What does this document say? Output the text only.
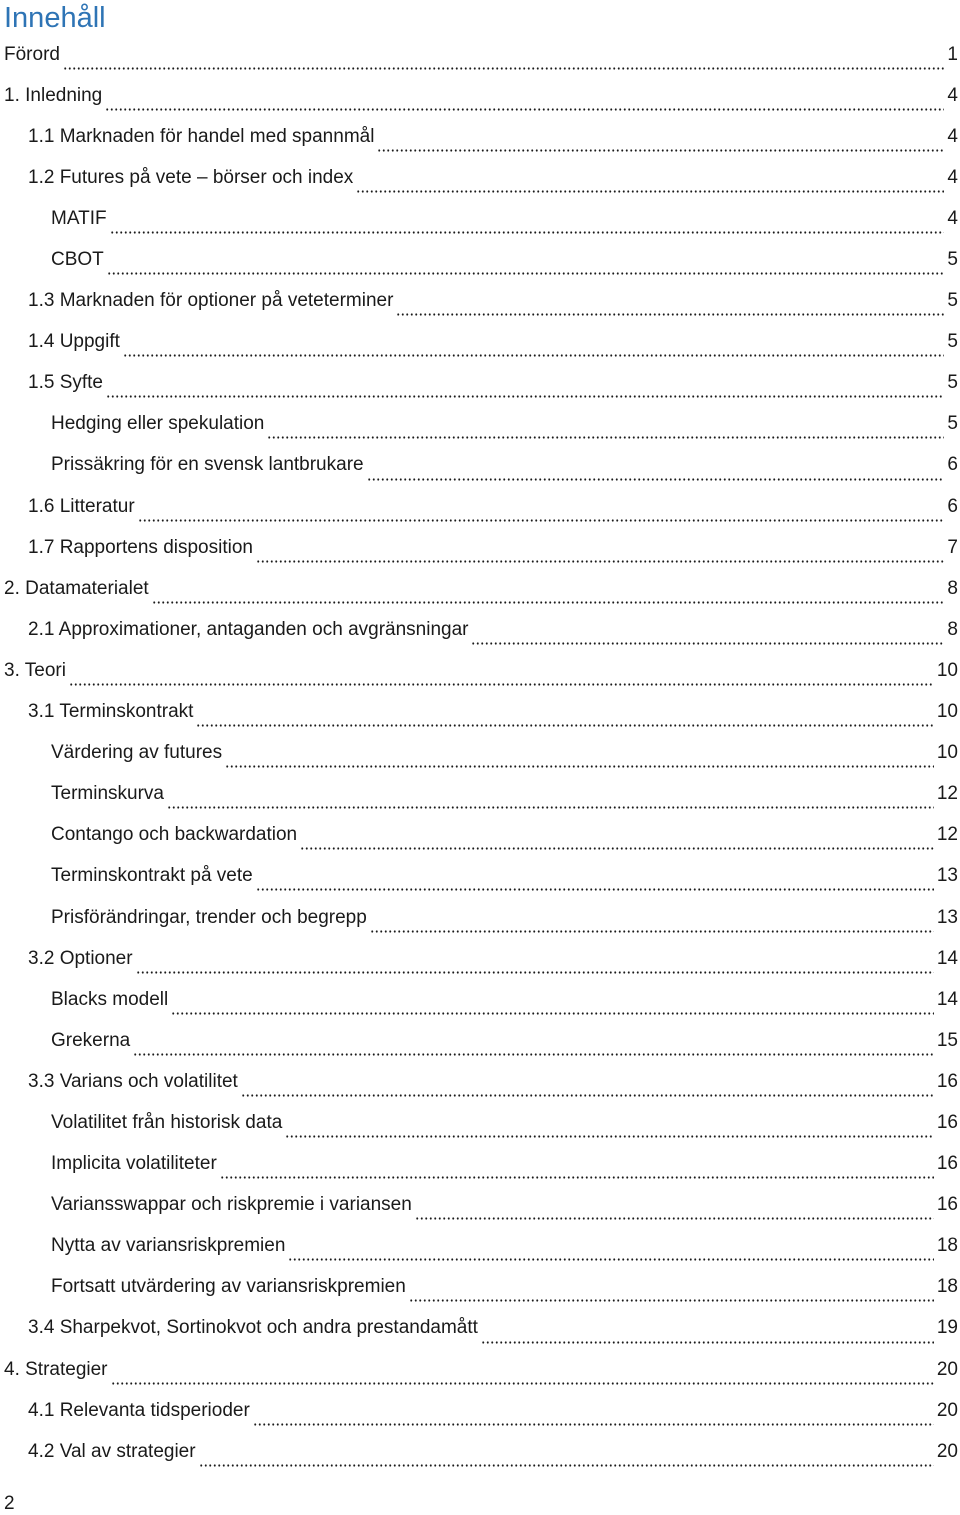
Innehåll
Förord	1
1. Inledning	4
1.1 Marknaden för handel med spannmål	4
1.2 Futures på vete – börser och index	4
MATIF	4
CBOT	5
1.3 Marknaden för optioner på veteterminer	5
1.4 Uppgift	5
1.5 Syfte	5
Hedging eller spekulation	5
Prissäkring för en svensk lantbrukare	6
1.6 Litteratur	6
1.7 Rapportens disposition	7
2. Datamaterialet	8
2.1 Approximationer, antaganden och avgränsningar	8
3. Teori	10
3.1 Terminskontrakt	10
Värdering av futures	10
Terminskurva	12
Contango och backwardation	12
Terminskontrakt på vete	13
Prisförändringar, trender och begrepp	13
3.2 Optioner	14
Blacks modell	14
Grekerna	15
3.3 Varians och volatilitet	16
Volatilitet från historisk data	16
Implicita volatiliteter	16
Variansswappar och riskpremie i variansen	16
Nytta av variansriskpremien	18
Fortsatt utvärdering av variansriskpremien	18
3.4 Sharpekvot, Sortinokvot och andra prestandamått	19
4. Strategier	20
4.1 Relevanta tidsperioder	20
4.2 Val av strategier	20
2
